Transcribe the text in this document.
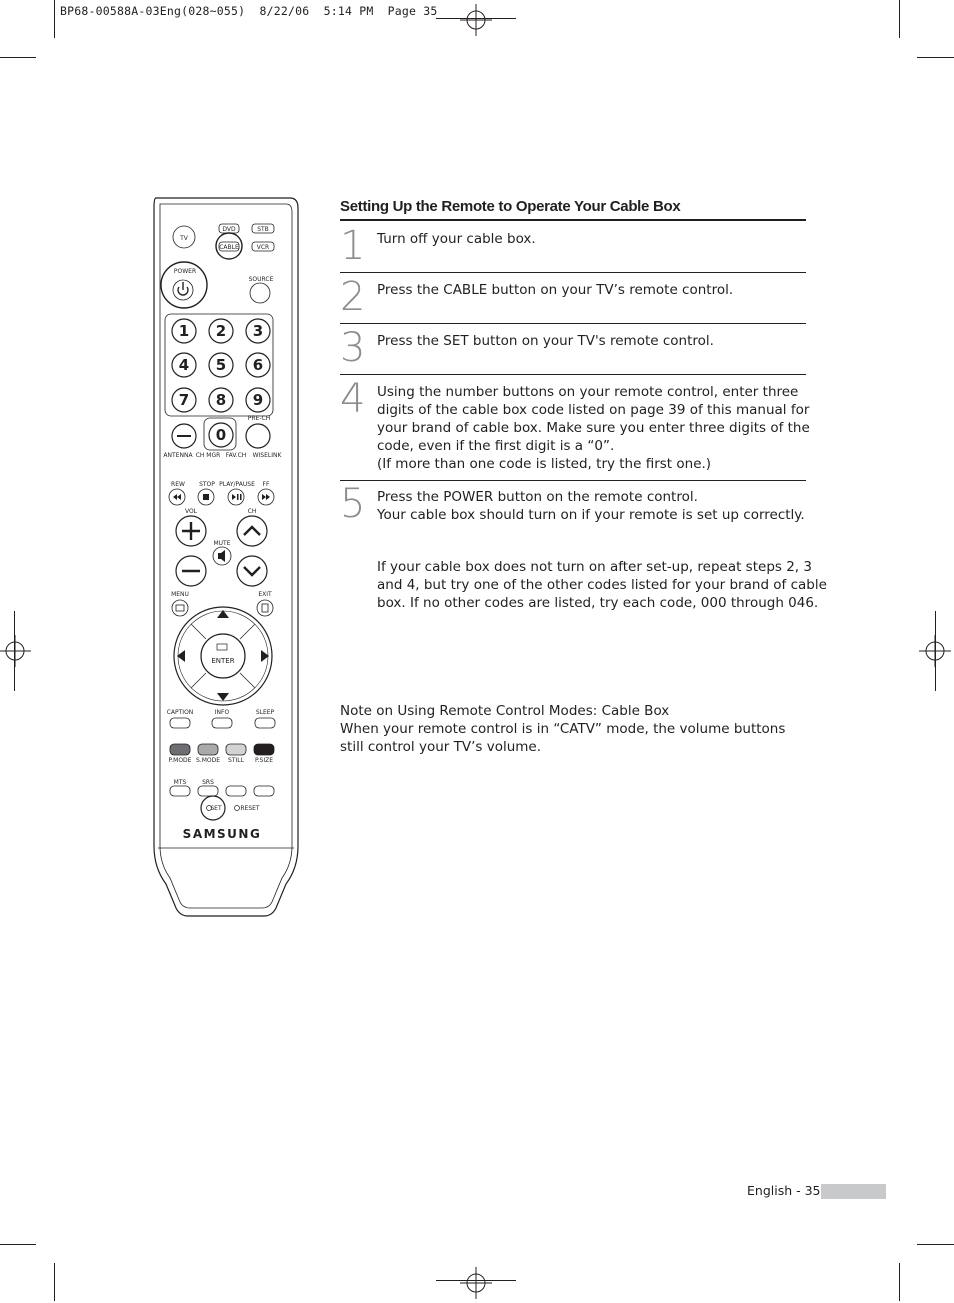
BP68-00588A-03Eng(028~055)  8/22/06  5:14 PM  Page 35
TV
DVD	STB
CABLE	VCR
POWER
SOURCE
1 2 3
4 5 6
7 8 9
0
PRE-CH
ANTENNA CH MGR FAV.CH WISELINK
REW STOP PLAY/PAUSE FF
VOL	CH
MUTE
MENU	EXIT
ENTER
CAPTION	INFO	SLEEP
P.MODE S.MODE STILL P.SIZE
MTS	SRS
SET	RESET
SAMSUNG
Setting Up the Remote to Operate Your Cable Box
1 Turn off your cable box.
2 Press the CABLE button on your TV’s remote control.
3 Press the SET button on your TV's remote control.
4 Using the number buttons on your remote control, enter three
digits of the cable box code listed on page 39 of this manual for
your brand of cable box. Make sure you enter three digits of the
code, even if the first digit is a “0”.
(If more than one code is listed, try the first one.)
5 Press the POWER button on the remote control.
Your cable box should turn on if your remote is set up correctly.
If your cable box does not turn on after set-up, repeat steps 2, 3
and 4, but try one of the other codes listed for your brand of cable
box. If no other codes are listed, try each code, 000 through 046.
Note on Using Remote Control Modes: Cable Box
When your remote control is in “CATV” mode, the volume buttons
still control your TV’s volume.
English - 35
